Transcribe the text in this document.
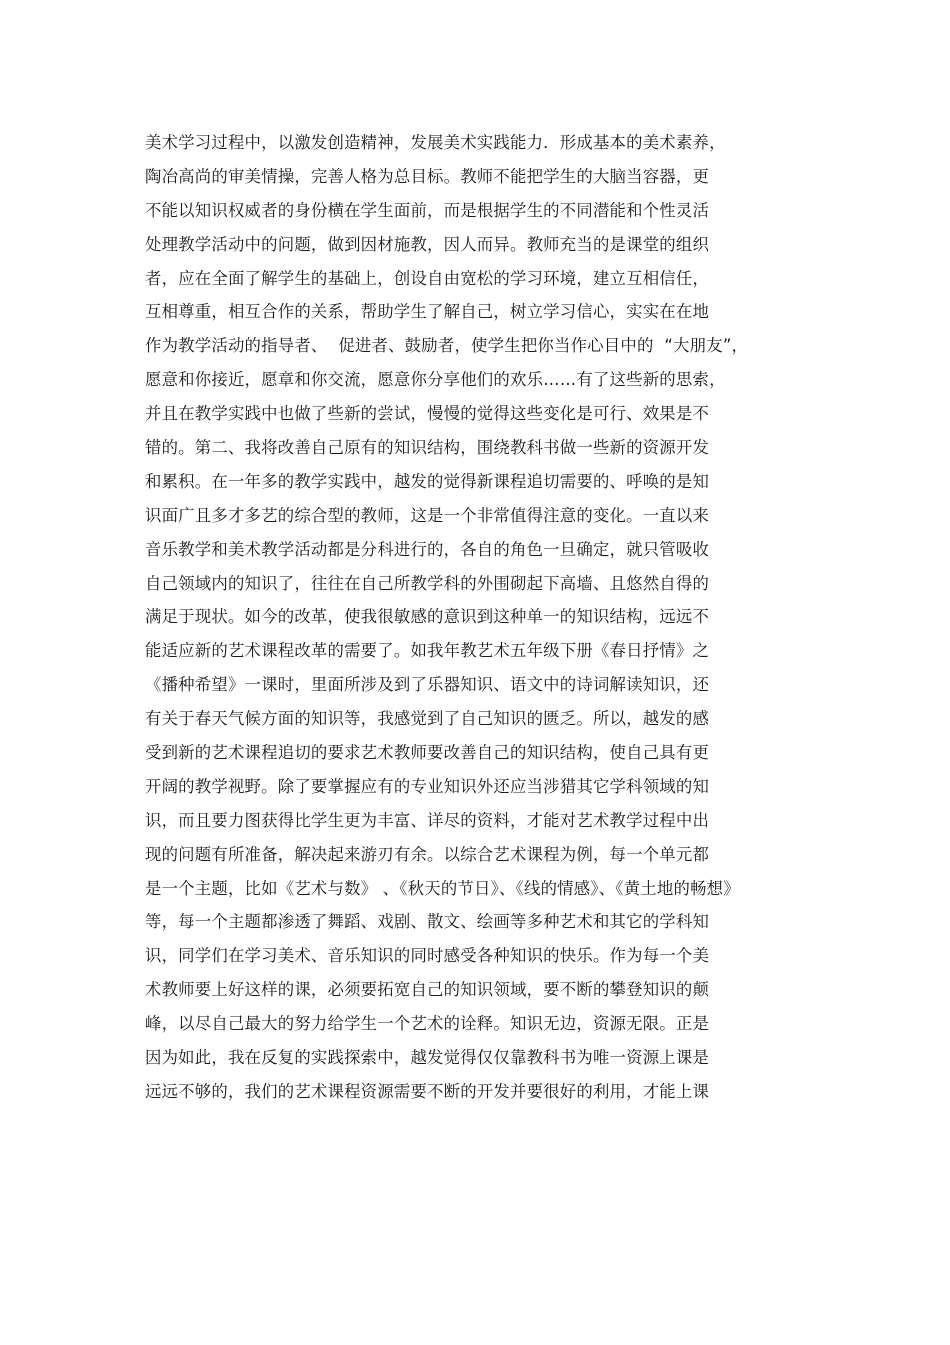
美术学习过程中，以激发创造精神，发展美术实践能力．形成基本的美术素养，
陶冶高尚的审美情操，完善人格为总目标。教师不能把学生的大脑当容器，更
不能以知识权威者的身份横在学生面前，而是根据学生的不同潜能和个性灵活
处理教学活动中的问题，做到因材施教，因人而异。教师充当的是课堂的组织
者，应在全面了解学生的基础上，创设自由宽松的学习环境，建立互相信任，
互相尊重，相互合作的关系，帮助学生了解自己，树立学习信心，实实在在地
作为教学活动的指导者、  促进者、鼓励者，使学生把你当作心目中的  “大朋友”，
愿意和你接近，愿章和你交流，愿意你分享他们的欢乐……有了这些新的思索，
并且在教学实践中也做了些新的尝试，慢慢的觉得这些变化是可行、效果是不
错的。第二、我将改善自己原有的知识结构，围绕教科书做一些新的资源开发
和累积。在一年多的教学实践中，越发的觉得新课程追切需要的、呼唤的是知
识面广且多才多艺的综合型的教师，这是一个非常值得注意的变化。一直以来
音乐教学和美术教学活动都是分科进行的，各自的角色一旦确定，就只管吸收
自己领域内的知识了，往往在自己所教学科的外围砌起下高墙、且悠然自得的
满足于现状。如今的改革，使我很敏感的意识到这种单一的知识结构，远远不
能适应新的艺术课程改革的需要了。如我年教艺术五年级下册《春日抒情》之
《播种希望》一课时，里面所涉及到了乐器知识、语文中的诗词解读知识，还
有关于春天气候方面的知识等，我感觉到了自己知识的匮乏。所以，越发的感
受到新的艺术课程追切的要求艺术教师要改善自己的知识结构，使自己具有更
开阔的教学视野。除了要掌握应有的专业知识外还应当涉猎其它学科领域的知
识，而且要力图获得比学生更为丰富、详尽的资料，才能对艺术教学过程中出
现的问题有所准备，解决起来游刃有余。以综合艺术课程为例，每一个单元都
是一个主题，比如《艺术与数》 、《秋天的节日》、《线的情感》、《黄土地的畅想》
等，每一个主题都渗透了舞蹈、戏剧、散文、绘画等多种艺术和其它的学科知
识，同学们在学习美术、音乐知识的同时感受各种知识的快乐。作为每一个美
术教师要上好这样的课，必须要拓宽自己的知识领域，要不断的攀登知识的颠
峰，以尽自己最大的努力给学生一个艺术的诠释。知识无边，资源无限。正是
因为如此，我在反复的实践探索中，越发觉得仅仅靠教科书为唯一资源上课是
远远不够的，我们的艺术课程资源需要不断的开发并要很好的利用，才能上课
